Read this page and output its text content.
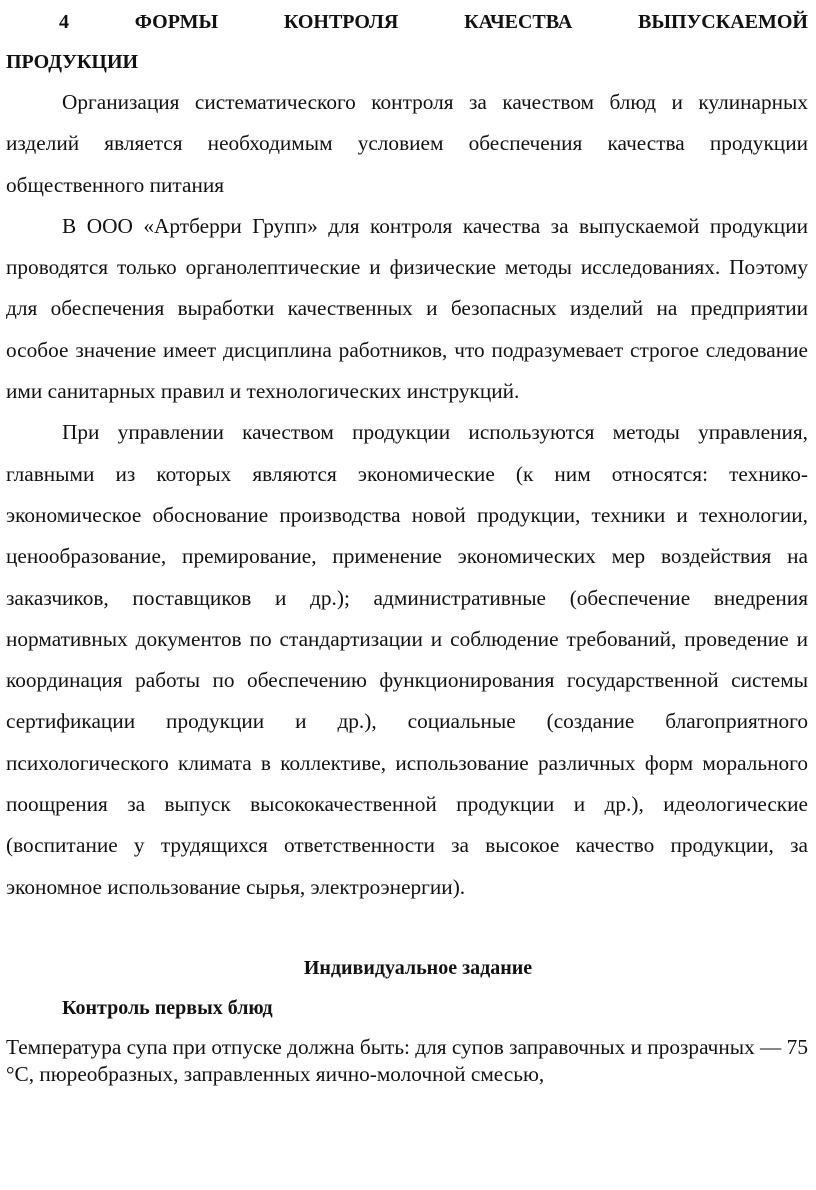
4 ФОРМЫ КОНТРОЛЯ КАЧЕСТВА ВЫПУСКАЕМОЙ
ПРОДУКЦИИ

Организация систематического контроля за качеством блюд и кулинарных изделий является необходимым условием обеспечения качества продукции общественного питания

В ООО «Артберри Групп» для контроля качества за выпускаемой продукции проводятся только органолептические и физические методы исследованиях. Поэтому для обеспечения выработки качественных и безопасных изделий на предприятии особое значение имеет дисциплина работников, что подразумевает строгое следование ими санитарных правил и технологических инструкций.

При управлении качеством продукции используются методы управления, главными из которых являются экономические (к ним относятся: технико-экономическое обоснование производства новой продукции, техники и технологии, ценообразование, премирование, применение экономических мер воздействия на заказчиков, поставщиков и др.); административные (обеспечение внедрения нормативных документов по стандартизации и соблюдение требований, проведение и координация работы по обеспечению функционирования государственной системы сертификации продукции и др.), социальные (создание благоприятного психологического климата в коллективе, использование различных форм морального поощрения за выпуск высококачественной продукции и др.), идеологические (воспитание у трудящихся ответственности за высокое качество продукции, за экономное использование сырья, электроэнергии).

Индивидуальное задание
Контроль первых блюд

Температура супа при отпуске должна быть: для супов заправочных и прозрачных — 75 °С, пюреобразных, заправленных яично-молочной смесью,
